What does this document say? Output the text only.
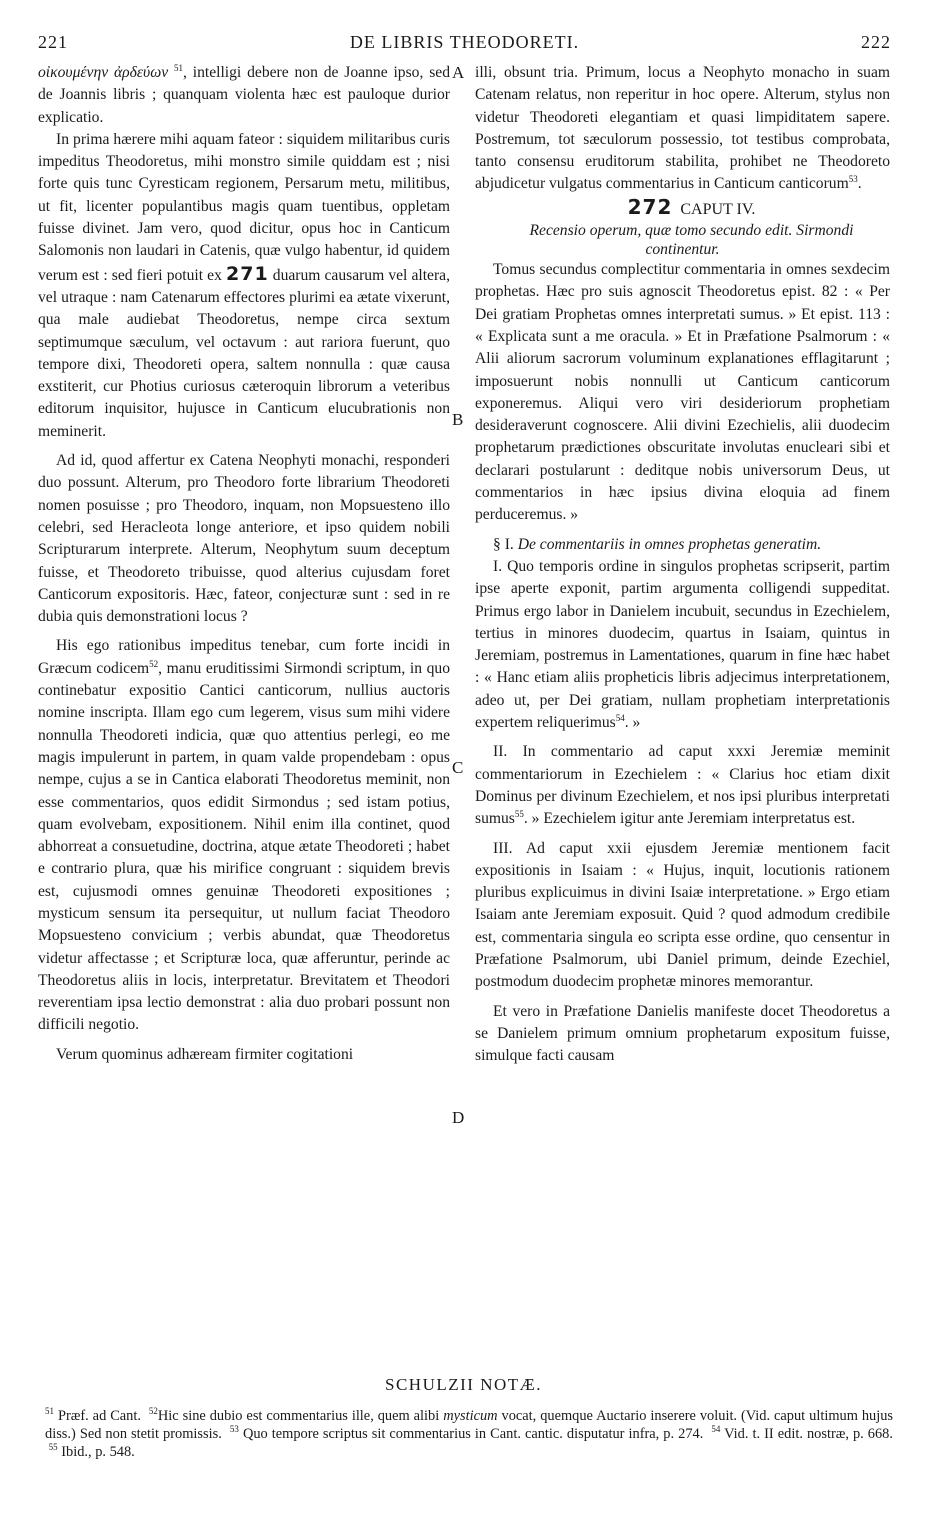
221	DE LIBRIS THEODORETI.	222
A
B
C
D

οἰκουμένην ἀρδεύων $^{51}$, intelligi debere non de Joanne ipso, sed de Joannis libris ; quanquam violenta hæc est pauloque durior explicatio.

In prima hærere mihi aquam fateor : siquidem militaribus curis impeditus Theodoretus, mihi monstro simile quiddam est ; nisi forte quis tunc Cyresticam regionem, Persarum metu, militibus, ut fit, licenter populantibus magis quam tuentibus, oppletam fuisse divinet. Jam vero, quod dicitur, opus hoc in Canticum Salomonis non laudari in Catenis, quæ vulgo habentur, id quidem verum est : sed fieri potuit ex 271 duarum causarum vel altera, vel utraque : nam Catenarum effectores plurimi ea ætate vixerunt, qua male audiebat Theodoretus, nempe circa sextum septimumque sæculum, vel octavum : aut rariora fuerunt, quo tempore dixi, Theodoreti opera, saltem nonnulla : quæ causa exstiterit, cur Photius curiosus cæteroquin librorum a veteribus editorum inquisitor, hujusce in Canticum elucubrationis non meminerit.

Ad id, quod affertur ex Catena Neophyti monachi, responderi duo possunt. Alterum, pro Theodoro forte librarium Theodoreti nomen posuisse ; pro Theodoro, inquam, non Mopsuesteno illo celebri, sed Heracleota longe anteriore, et ipso quidem nobili Scripturarum interprete. Alterum, Neophytum suum deceptum fuisse, et Theodoreto tribuisse, quod alterius cujusdam foret Canticorum expositoris. Hæc, fateor, conjecturæ sunt : sed in re dubia quis demonstrationi locus ?

His ego rationibus impeditus tenebar, cum forte incidi in Græcum codicem$^{52}$, manu eruditissimi Sirmondi scriptum, in quo continebatur expositio Cantici canticorum, nullius auctoris nomine inscripta. Illam ego cum legerem, visus sum mihi videre nonnulla Theodoreti indicia, quæ quo attentius perlegi, eo me magis impulerunt in partem, in quam valde propendebam : opus nempe, cujus a se in Cantica elaborati Theodoretus meminit, non esse commentarios, quos edidit Sirmondus ; sed istam potius, quam evolvebam, expositionem. Nihil enim illa continet, quod abhorreat a consuetudine, doctrina, atque ætate Theodoreti ; habet e contrario plura, quæ his mirifice congruant : siquidem brevis est, cujusmodi omnes genuinæ Theodoreti expositiones ; mysticum sensum ita persequitur, ut nullum faciat Theodoro Mopsuesteno convicium ; verbis abundat, quæ Theodoretus videtur affectasse ; et Scripturæ loca, quæ afferuntur, perinde ac Theodoretus aliis in locis, interpretatur. Brevitatem et Theodori reverentiam ipsa lectio demonstrat : alia duo probari possunt non difficili negotio.

Verum quominus adhæream firmiter cogitationi

illi, obsunt tria. Primum, locus a Neophyto monacho in suam Catenam relatus, non reperitur in hoc opere. Alterum, stylus non videtur Theodoreti elegantiam et quasi limpiditatem sapere. Postremum, tot sæculorum possessio, tot testibus comprobata, tanto consensu eruditorum stabilita, prohibet ne Theodoreto abjudicetur vulgatus commentarius in Canticum canticorum$^{53}$.

272 CAPUT IV.

Recensio operum, quæ tomo secundo edit. Sirmondi continentur.

Tomus secundus complectitur commentaria in omnes sexdecim prophetas. Hæc pro suis agnoscit Theodoretus epist. 82 : « Per Dei gratiam Prophetas omnes interpretati sumus. » Et epist. 113 : « Explicata sunt a me oracula. » Et in Præfatione Psalmorum : « Alii aliorum sacrorum voluminum explanationes efflagitarunt ; imposuerunt nobis nonnulli ut Canticum canticorum exponeremus. Aliqui vero viri desideriorum prophetiam desideraverunt cognoscere. Alii divini Ezechielis, alii duodecim prophetarum prædictiones obscuritate involutas enucleari sibi et declarari postularunt : deditque nobis universorum Deus, ut commentarios in hæc ipsius divina eloquia ad finem perduceremus. »

§ I. De commentariis in omnes prophetas generatim.

I. Quo temporis ordine in singulos prophetas scripserit, partim ipse aperte exponit, partim argumenta colligendi suppeditat. Primus ergo labor in Danielem incubuit, secundus in Ezechielem, tertius in minores duodecim, quartus in Isaiam, quintus in Jeremiam, postremus in Lamentationes, quarum in fine hæc habet : « Hanc etiam aliis propheticis libris adjecimus interpretationem, adeo ut, per Dei gratiam, nullam prophetiam interpretationis expertem reliquerimus$^{54}$. »

II. In commentario ad caput xxxi Jeremiæ meminit commentariorum in Ezechielem : « Clarius hoc etiam dixit Dominus per divinum Ezechielem, et nos ipsi pluribus interpretati sumus$^{55}$. » Ezechielem igitur ante Jeremiam interpretatus est.

III. Ad caput xxii ejusdem Jeremiæ mentionem facit expositionis in Isaiam : « Hujus, inquit, locutionis rationem pluribus explicuimus in divini Isaiæ interpretatione. » Ergo etiam Isaiam ante Jeremiam exposuit. Quid ? quod admodum credibile est, commentaria singula eo scripta esse ordine, quo censentur in Præfatione Psalmorum, ubi Daniel primum, deinde Ezechiel, postmodum duodecim prophetæ minores memorantur.

Et vero in Præfatione Danielis manifeste docet Theodoretus a se Danielem primum omnium prophetarum expositum fuisse, simulque facti causam

SCHULZII NOTÆ.
$^{51}$ Præf. ad Cant. $^{52}$Hic sine dubio est commentarius ille, quem alibi mysticum vocat, quemque Auctario inserere voluit. (Vid. caput ultimum hujus diss.) Sed non stetit promissis. $^{53}$ Quo tempore scriptus sit commentarius in Cant. cantic. disputatur infra, p. 274. $^{54}$ Vid. t. II edit. nostræ, p. 668.  $^{55}$ Ibid., p. 548.
